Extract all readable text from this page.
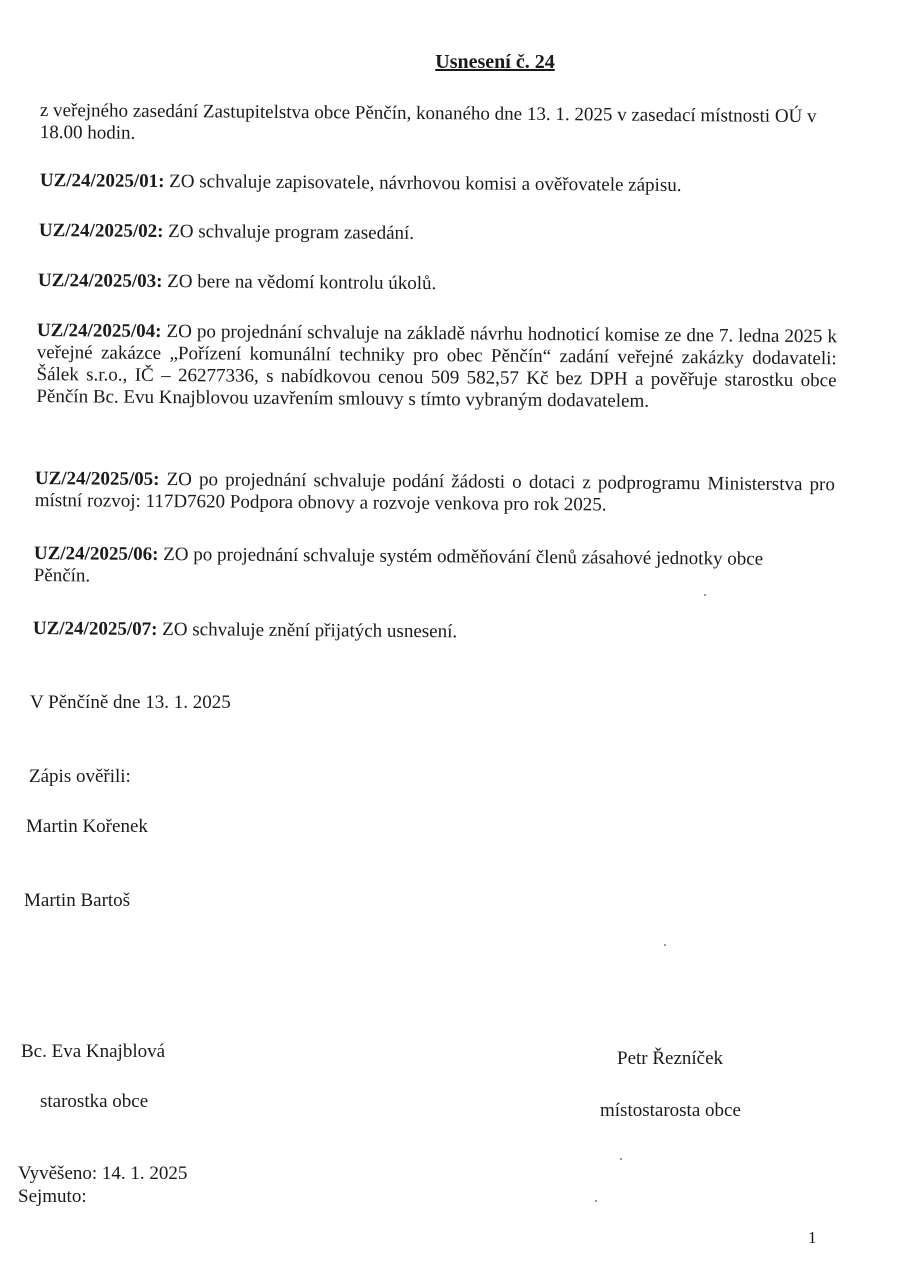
Usnesení č. 24
z veřejného zasedání Zastupitelstva obce Pěnčín, konaného dne 13. 1. 2025 v zasedací místnosti OÚ v 18.00 hodin.
UZ/24/2025/01: ZO schvaluje zapisovatele, návrhovou komisi a ověřovatele zápisu.
UZ/24/2025/02: ZO schvaluje program zasedání.
UZ/24/2025/03: ZO bere na vědomí kontrolu úkolů.
UZ/24/2025/04: ZO po projednání schvaluje na základě návrhu hodnoticí komise ze dne 7. ledna 2025 k veřejné zakázce „Pořízení komunální techniky pro obec Pěnčín“ zadání veřejné zakázky dodavateli: Šálek s.r.o., IČ – 26277336, s nabídkovou cenou 509 582,57 Kč bez DPH a pověřuje starostku obce Pěnčín Bc. Evu Knajblovou uzavřením smlouvy s tímto vybraným dodavatelem.
UZ/24/2025/05: ZO po projednání schvaluje podání žádosti o dotaci z podprogramu Ministerstva pro místní rozvoj: 117D7620 Podpora obnovy a rozvoje venkova pro rok 2025.
UZ/24/2025/06: ZO po projednání schvaluje systém odměňování členů zásahové jednotky obce Pěnčín.
UZ/24/2025/07: ZO schvaluje znění přijatých usnesení.
V Pěnčíně dne 13. 1. 2025
Zápis ověřili:
Martin Kořenek
Martin Bartoš
Bc. Eva Knajblová
starostka obce
Petr Řezníček
místostarosta obce
Vyvěšeno: 14. 1. 2025
Sejmuto:
1
